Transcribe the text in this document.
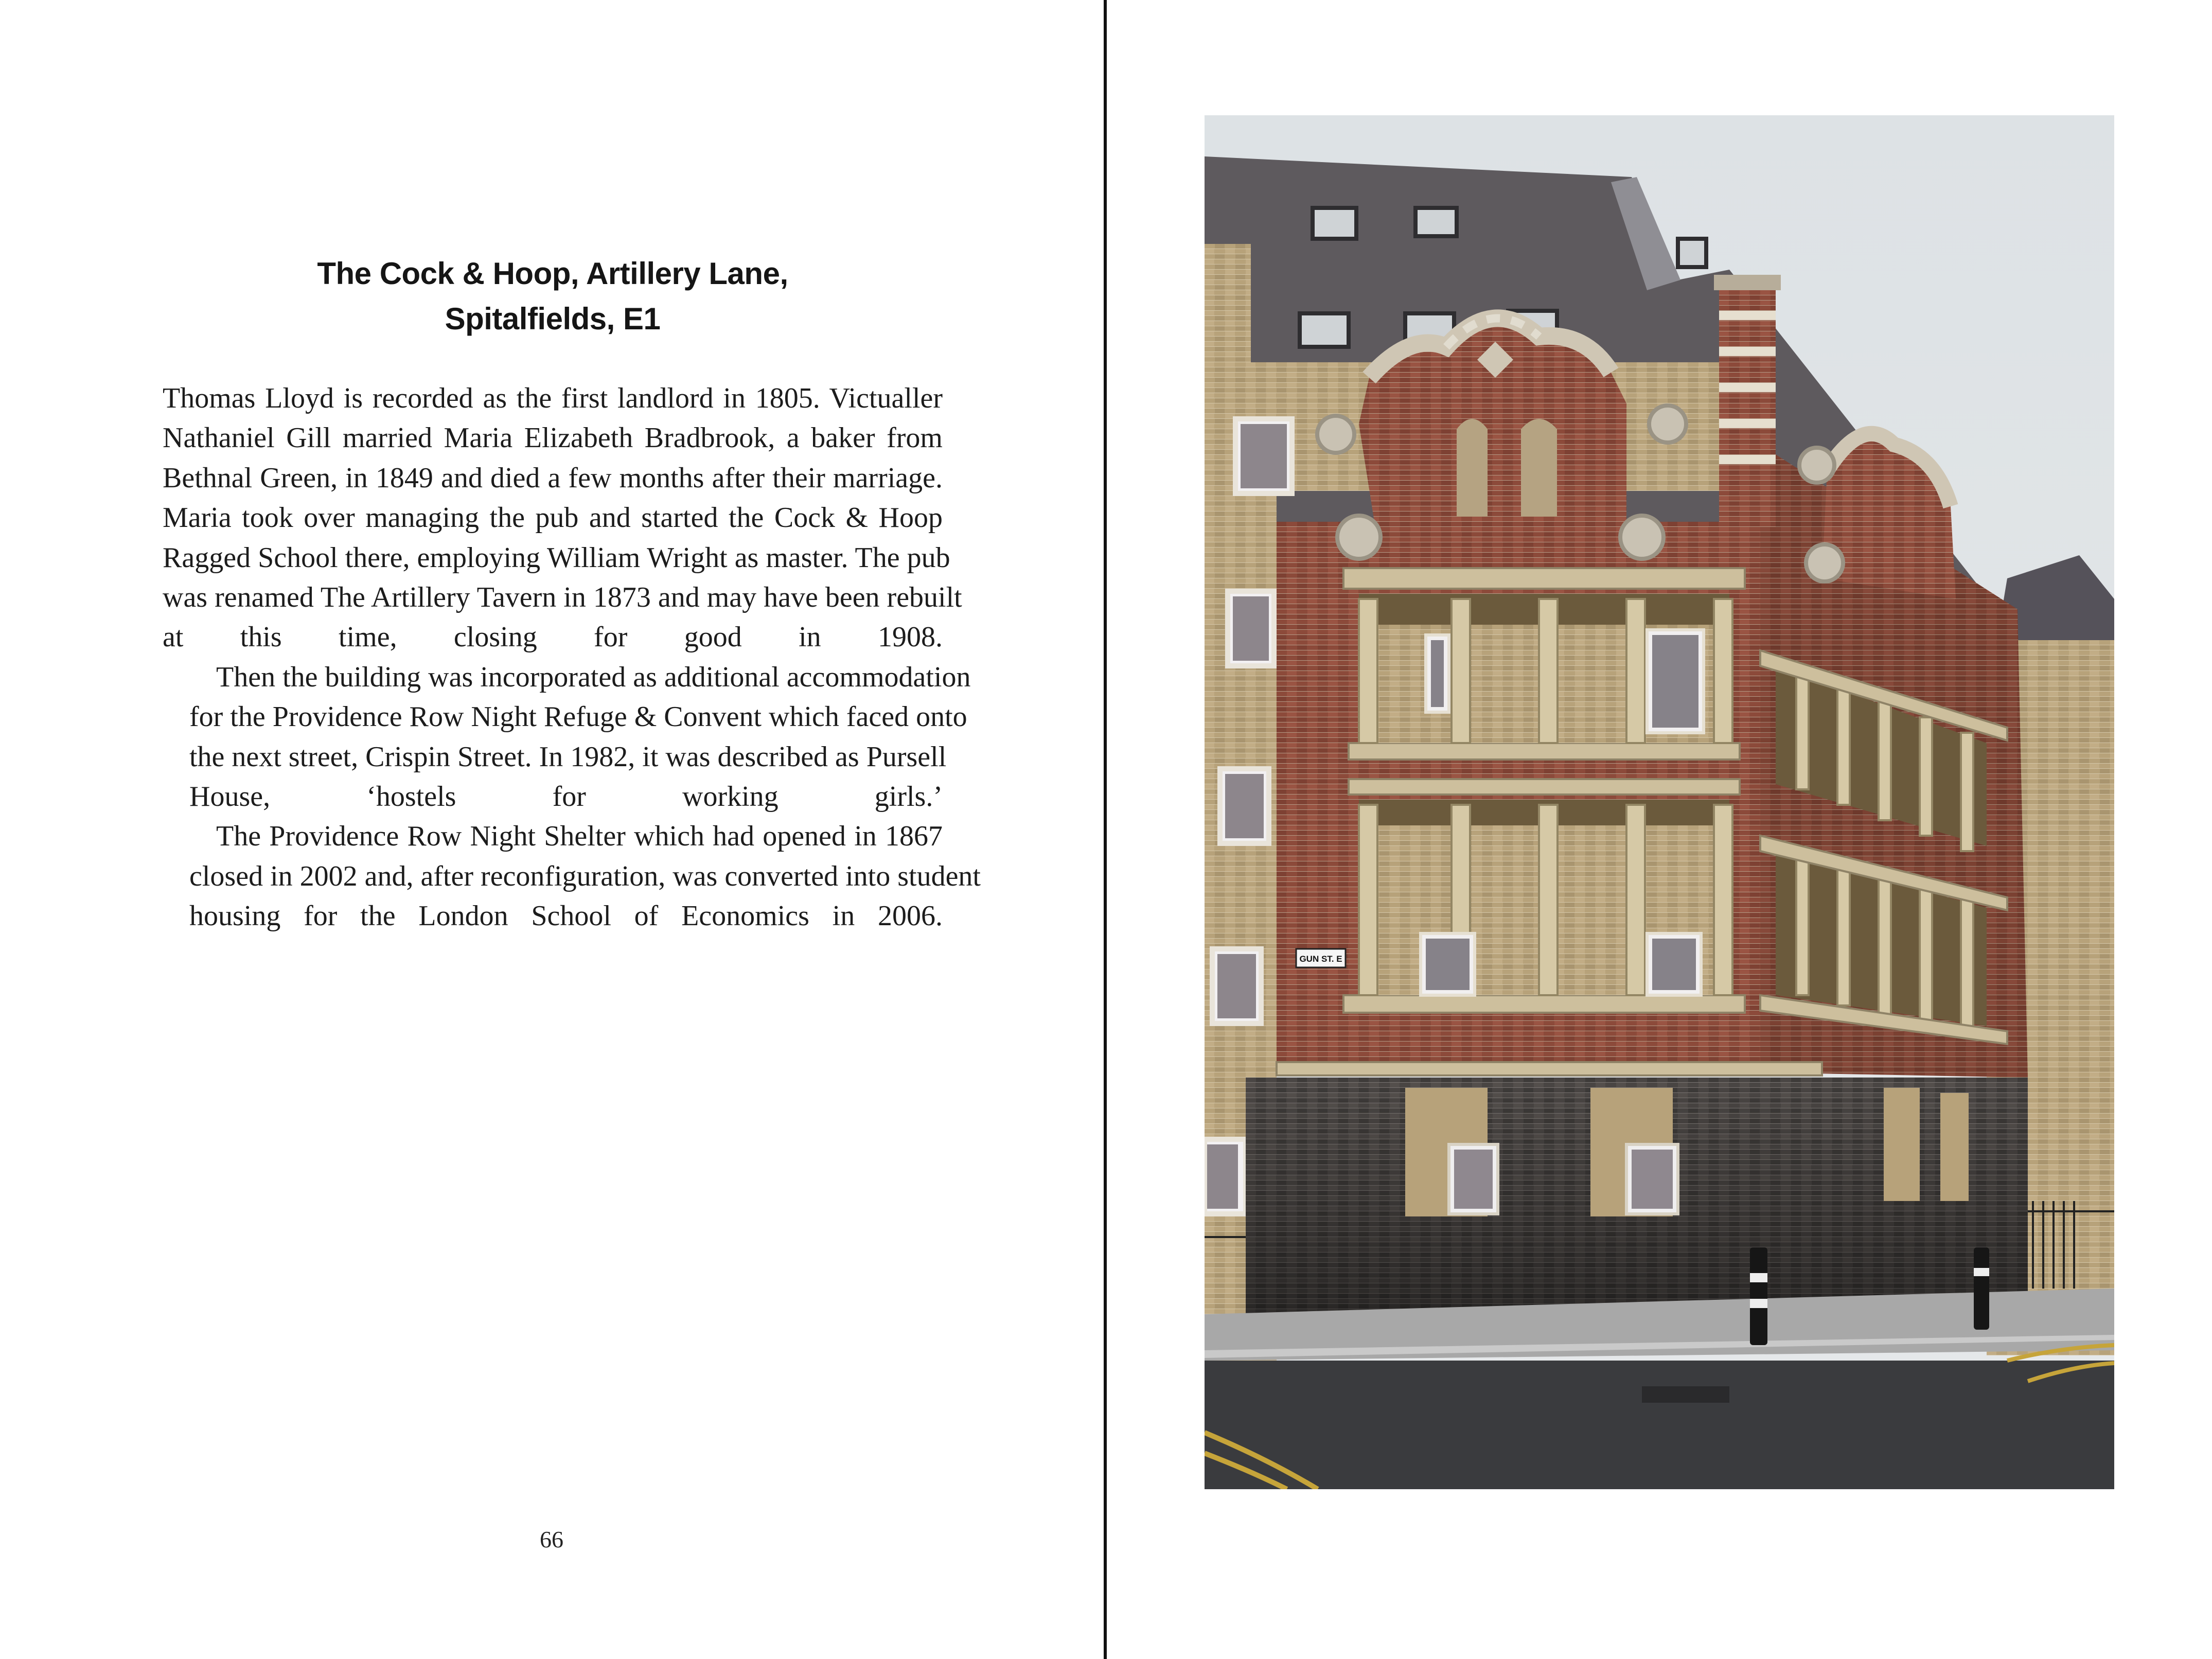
The Cock & Hoop, Artillery Lane,
Spitalfields, E1
Thomas Lloyd is recorded as the first landlord in 1805. Victualler
Nathaniel Gill married Maria Elizabeth Bradbrook, a baker from
Bethnal Green, in 1849 and died a few months after their marriage.
Maria took over managing the pub and started the Cock & Hoop
Ragged School there, employing William Wright as master. The pub
was renamed The Artillery Tavern in 1873 and may have been rebuilt
at this time, closing for good in 1908.
Then the building was incorporated as additional accommodation
for the Providence Row Night Refuge & Convent which faced onto
the next street, Crispin Street. In 1982, it was described as Pursell
House, ‘hostels for working girls.’
The Providence Row Night Shelter which had opened in 1867
closed in 2002 and, after reconfiguration, was converted into student
housing for the London School of Economics in 2006.
66
GUN ST. E
